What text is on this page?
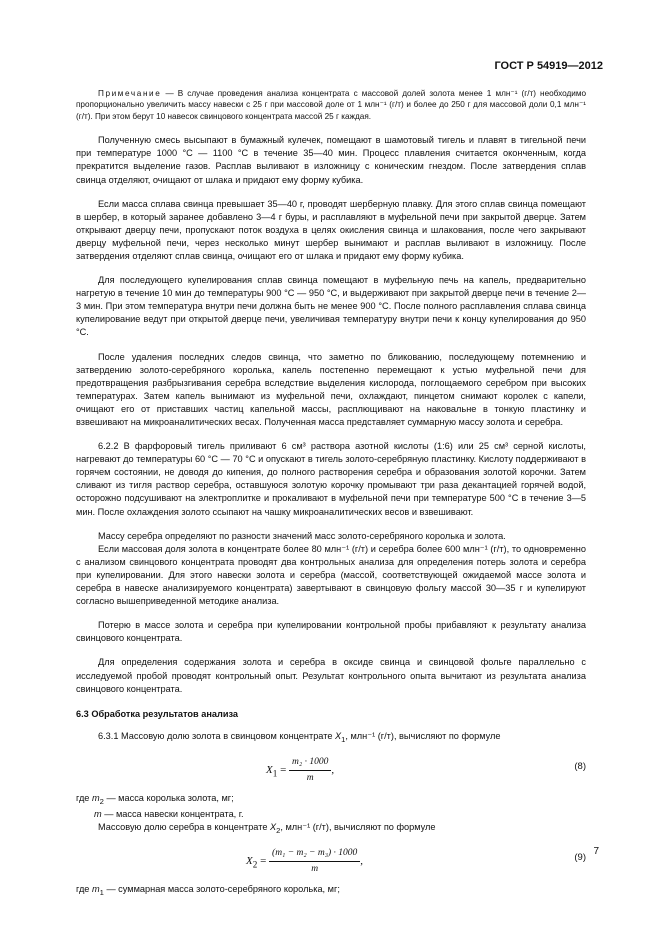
ГОСТ Р 54919—2012

Примечание — В случае проведения анализа концентрата с массовой долей золота менее 1 млн⁻¹ (г/т) необходимо пропорционально увеличить массу навески с 25 г при массовой доле от 1 млн⁻¹ (г/т) и более до 250 г для массовой доли 0,1 млн⁻¹ (г/т). При этом берут 10 навесок свинцового концентрата массой 25 г каждая.

Полученную смесь высыпают в бумажный кулечек, помещают в шамотовый тигель и плавят в тигельной печи при температуре 1000 °С — 1100 °С в течение 35—40 мин. Процесс плавления считается оконченным, когда прекратится выделение газов. Расплав выливают в изложницу с коническим гнездом. После затвердения сплав свинца отделяют, очищают от шлака и придают ему форму кубика.

Если масса сплава свинца превышает 35—40 г, проводят шерберную плавку. Для этого сплав свинца помещают в шербер, в который заранее добавлено 3—4 г буры, и расплавляют в муфельной печи при закрытой дверце. Затем открывают дверцу печи, пропускают поток воздуха в целях окисления свинца и шлакования, после чего закрывают дверцу муфельной печи, через несколько минут шербер вынимают и расплав выливают в изложницу. После затвердения отделяют сплав свинца, очищают его от шлака и придают ему форму кубика.

Для последующего купелирования сплав свинца помещают в муфельную печь на капель, предварительно нагретую в течение 10 мин до температуры 900 °С — 950 °С, и выдерживают при закрытой дверце печи в течение 2—3 мин. При этом температура внутри печи должна быть не менее 900 °С. После полного расплавления сплава свинца купелирование ведут при открытой дверце печи, увеличивая температуру внутри печи к концу купелирования до 950 °С.

После удаления последних следов свинца, что заметно по бликованию, последующему потемнению и затвердению золото-серебряного королька, капель постепенно перемещают к устью муфельной печи для предотвращения разбрызгивания серебра вследствие выделения кислорода, поглощаемого серебром при высоких температурах. Затем капель вынимают из муфельной печи, охлаждают, пинцетом снимают королек с капели, очищают его от приставших частиц капельной массы, расплющивают на наковальне в тонкую пластинку и взвешивают на микроаналитических весах. Полученная масса представляет суммарную массу золота и серебра.

6.2.2 В фарфоровый тигель приливают 6 см³ раствора азотной кислоты (1:6) или 25 см³ серной кислоты, нагревают до температуры 60 °С — 70 °С и опускают в тигель золото-серебряную пластинку. Кислоту поддерживают в горячем состоянии, не доводя до кипения, до полного растворения серебра и образования золотой корочки. Затем сливают из тигля раствор серебра, оставшуюся золотую корочку промывают три раза декантацией горячей водой, осторожно подсушивают на электроплитке и прокаливают в муфельной печи при температуре 500 °С в течение 3—5 мин. После охлаждения золото ссыпают на чашку микроаналитических весов и взвешивают.

Массу серебра определяют по разности значений масс золото-серебряного королька и золота.

Если массовая доля золота в концентрате более 80 млн⁻¹ (г/т) и серебра более 600 млн⁻¹ (г/т), то одновременно с анализом свинцового концентрата проводят два контрольных анализа для определения потерь золота и серебра при купелировании. Для этого навески золота и серебра (массой, соответствующей ожидаемой массе золота и серебра в навеске анализируемого концентрата) завертывают в свинцовую фольгу массой 30—35 г и купелируют согласно вышеприведенной методике анализа.

Потерю в массе золота и серебра при купелировании контрольной пробы прибавляют к результату анализа свинцового концентрата.

Для определения содержания золота и серебра в оксиде свинца и свинцовой фольге параллельно с исследуемой пробой проводят контрольный опыт. Результат контрольного опыта вычитают из результата анализа свинцового концентрата.

6.3 Обработка результатов анализа

6.3.1 Массовую долю золота в свинцовом концентрате $X_1$, млн⁻¹ (г/т), вычисляют по формуле

$X_1 = \frac{\text{m₂ · 1000}}{m}$ ,	(8)

где $m_2$ — масса королька золота, мг;

m — масса навески концентрата, г.

Массовую долю серебра в концентрате $X_2$, млн⁻¹ (г/т), вычисляют по формуле

$X_2 = \frac{\text{(m₁ − m₂ − m₃) · 1000}}{m}$ ,	(9)

где $m_1$ — суммарная масса золото-серебряного королька, мг;

7
